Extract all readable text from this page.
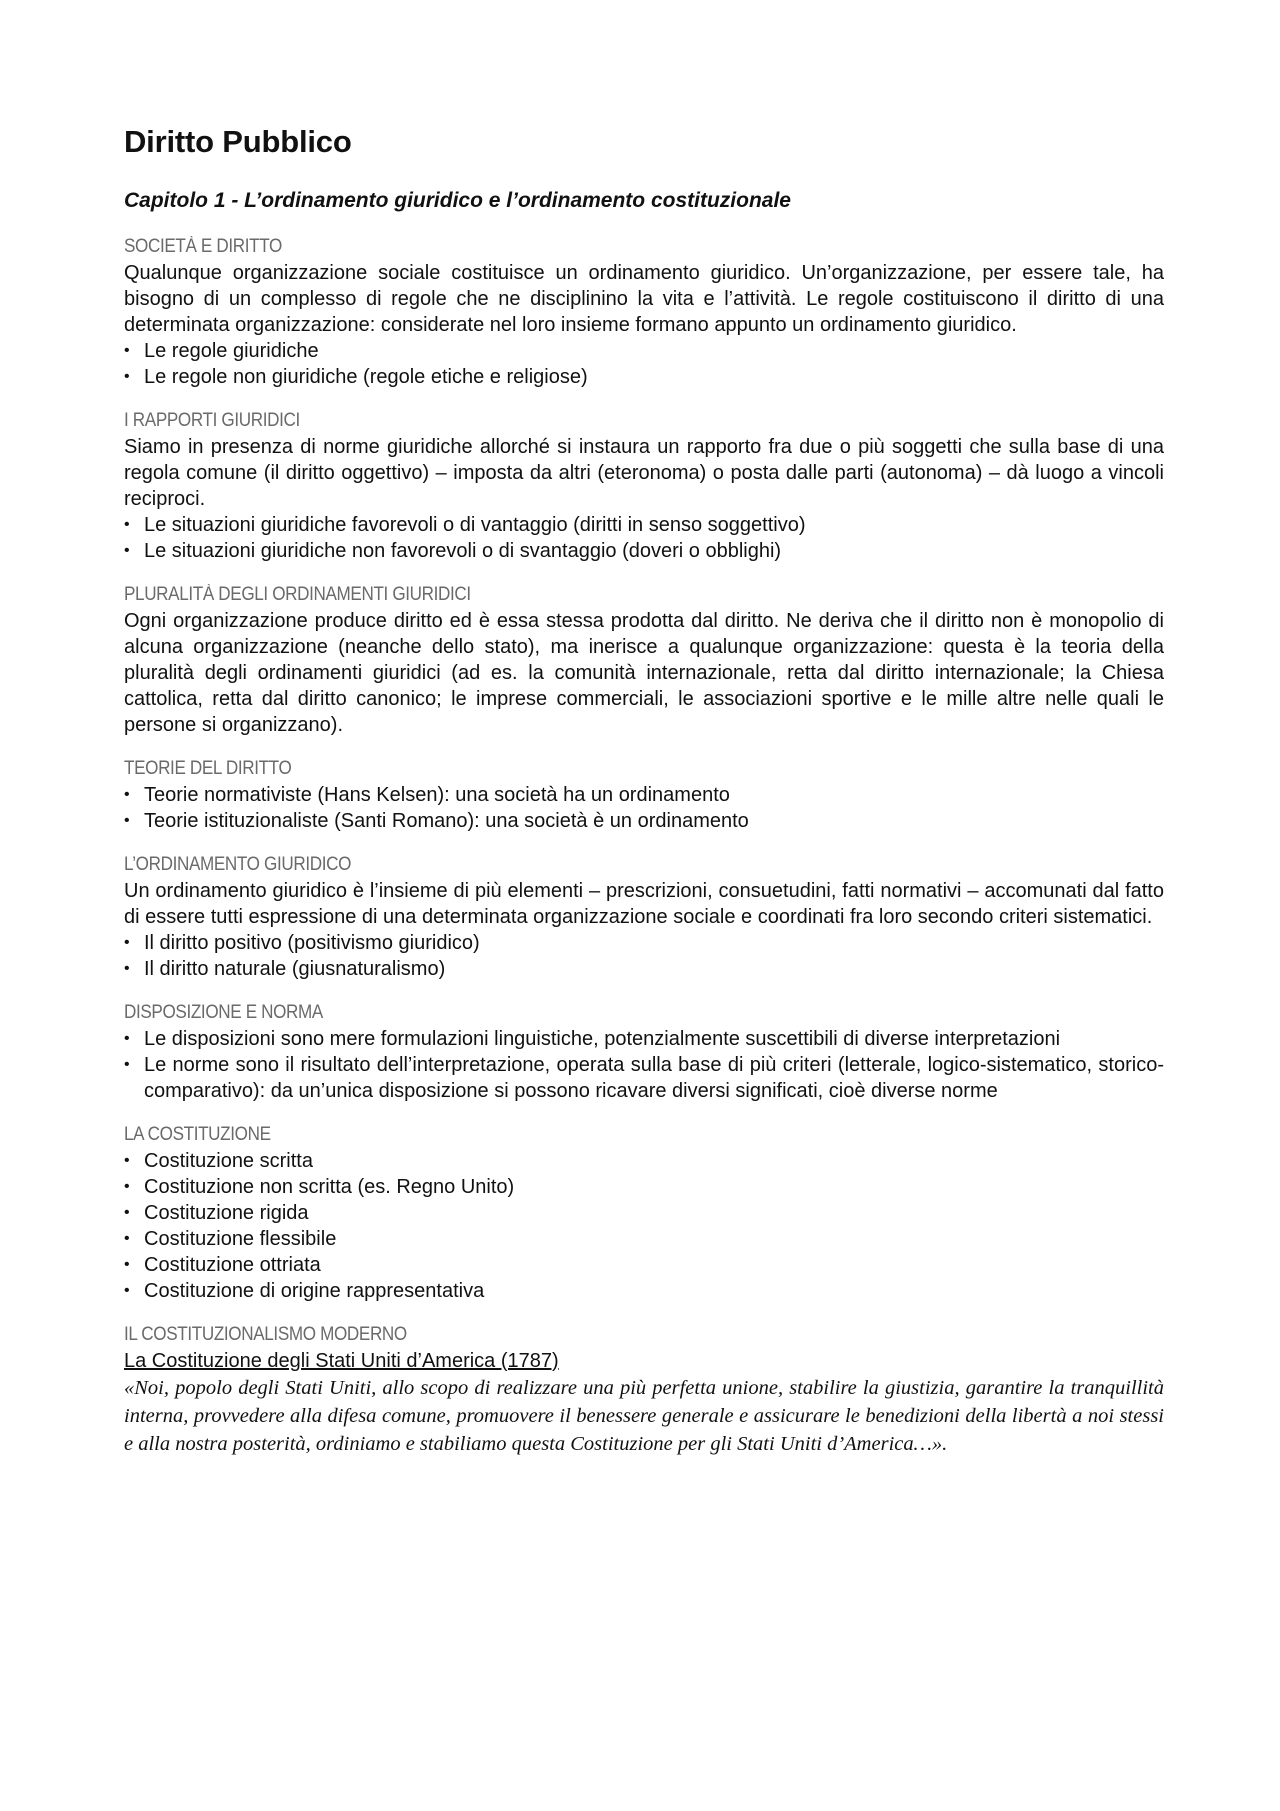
Diritto Pubblico
Capitolo 1 - L’ordinamento giuridico e l’ordinamento costituzionale
SOCIETÀ E DIRITTO

Qualunque organizzazione sociale costituisce un ordinamento giuridico. Un’organizzazione, per essere tale, ha bisogno di un complesso di regole che ne disciplinino la vita e l’attività. Le regole costituiscono il diritto di una determinata organizzazione: considerate nel loro insieme formano appunto un ordinamento giuridico.

• Le regole giuridiche
• Le regole non giuridiche (regole etiche e religiose)
I RAPPORTI GIURIDICI

Siamo in presenza di norme giuridiche allorché si instaura un rapporto fra due o più soggetti che sulla base di una regola comune (il diritto oggettivo) – imposta da altri (eteronoma) o posta dalle parti (autonoma) – dà luogo a vincoli reciproci.

• Le situazioni giuridiche favorevoli o di vantaggio (diritti in senso soggettivo)
• Le situazioni giuridiche non favorevoli o di svantaggio (doveri o obblighi)
PLURALITÀ DEGLI ORDINAMENTI GIURIDICI

Ogni organizzazione produce diritto ed è essa stessa prodotta dal diritto. Ne deriva che il diritto non è monopolio di alcuna organizzazione (neanche dello stato), ma inerisce a qualunque organizzazione: questa è la teoria della pluralità degli ordinamenti giuridici (ad es. la comunità internazionale, retta dal diritto internazionale; la Chiesa cattolica, retta dal diritto canonico; le imprese commerciali, le associazioni sportive e le mille altre nelle quali le persone si organizzano).

TEORIE DEL DIRITTO
• Teorie normativiste (Hans Kelsen): una società ha un ordinamento
• Teorie istituzionaliste (Santi Romano): una società è un ordinamento
L’ORDINAMENTO GIURIDICO

Un ordinamento giuridico è l’insieme di più elementi – prescrizioni, consuetudini, fatti normativi – accomunati dal fatto di essere tutti espressione di una determinata organizzazione sociale e coordinati fra loro secondo criteri sistematici.

• Il diritto positivo (positivismo giuridico)
• Il diritto naturale (giusnaturalismo)
DISPOSIZIONE E NORMA
• Le disposizioni sono mere formulazioni linguistiche, potenzialmente suscettibili di diverse interpretazioni
• Le norme sono il risultato dell’interpretazione, operata sulla base di più criteri (letterale, logico-sistematico, storico-comparativo): da un’unica disposizione si possono ricavare diversi significati, cioè diverse norme
LA COSTITUZIONE
• Costituzione scritta
• Costituzione non scritta (es. Regno Unito)
• Costituzione rigida
• Costituzione flessibile
• Costituzione ottriata
• Costituzione di origine rappresentativa
IL COSTITUZIONALISMO MODERNO

La Costituzione degli Stati Uniti d’America (1787)

«Noi, popolo degli Stati Uniti, allo scopo di realizzare una più perfetta unione, stabilire la giustizia, garantire la tranquillità interna, provvedere alla difesa comune, promuovere il benessere generale e assicurare le benedizioni della libertà a noi stessi e alla nostra posterità, ordiniamo e stabiliamo questa Costituzione per gli Stati Uniti d’America…».
